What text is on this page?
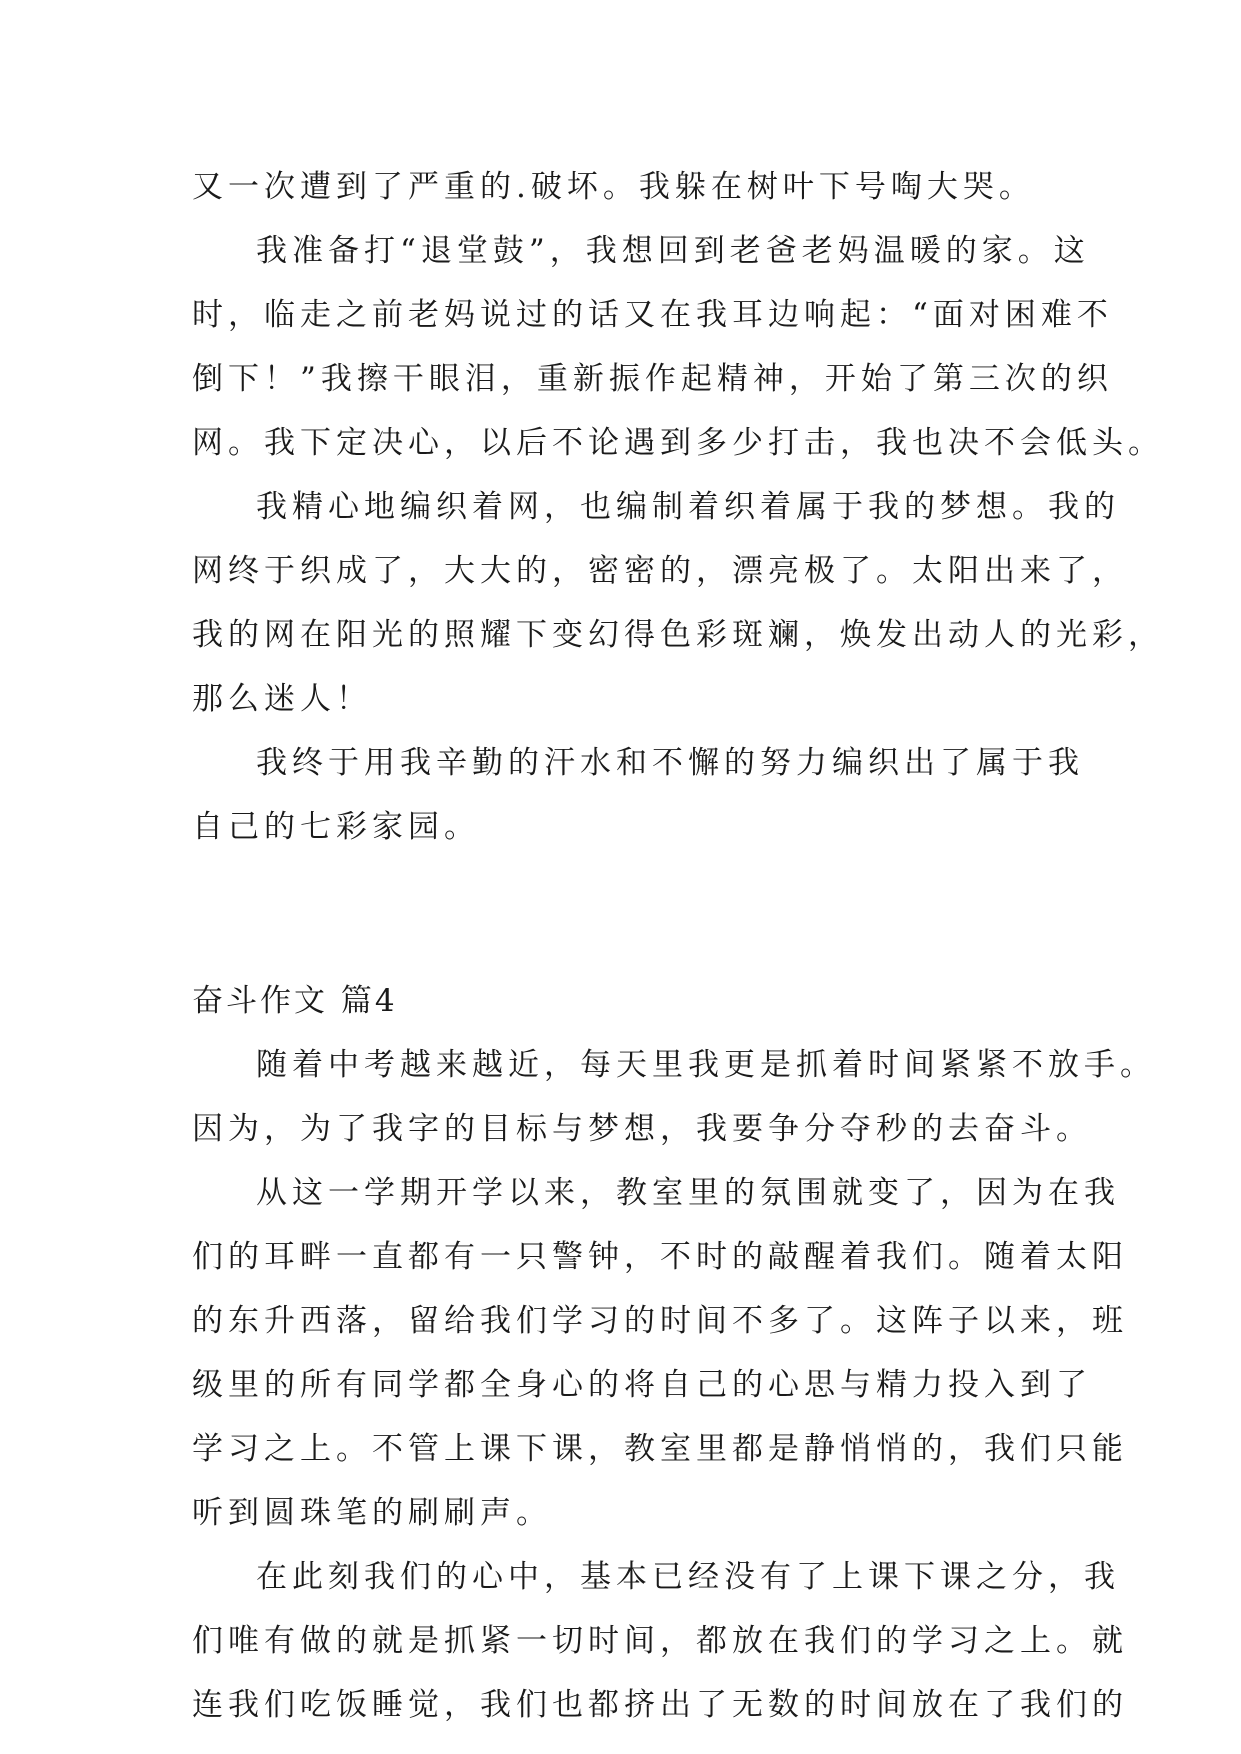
又一次遭到了严重的.破坏。我躲在树叶下号啕大哭。
我准备打“退堂鼓”，我想回到老爸老妈温暖的家。这
时，临走之前老妈说过的话又在我耳边响起：“面对困难不
倒下！”我擦干眼泪，重新振作起精神，开始了第三次的织
网。我下定决心，以后不论遇到多少打击，我也决不会低头。
我精心地编织着网，也编制着织着属于我的梦想。我的
网终于织成了，大大的，密密的，漂亮极了。太阳出来了，
我的网在阳光的照耀下变幻得色彩斑斓，焕发出动人的光彩，
那么迷人！
我终于用我辛勤的汗水和不懈的努力编织出了属于我
自己的七彩家园。
奋斗作文 篇4
随着中考越来越近，每天里我更是抓着时间紧紧不放手。
因为，为了我字的目标与梦想，我要争分夺秒的去奋斗。
从这一学期开学以来，教室里的氛围就变了，因为在我
们的耳畔一直都有一只警钟，不时的敲醒着我们。随着太阳
的东升西落，留给我们学习的时间不多了。这阵子以来，班
级里的所有同学都全身心的将自己的心思与精力投入到了
学习之上。不管上课下课，教室里都是静悄悄的，我们只能
听到圆珠笔的刷刷声。
在此刻我们的心中，基本已经没有了上课下课之分，我
们唯有做的就是抓紧一切时间，都放在我们的学习之上。就
连我们吃饭睡觉，我们也都挤出了无数的时间放在了我们的
